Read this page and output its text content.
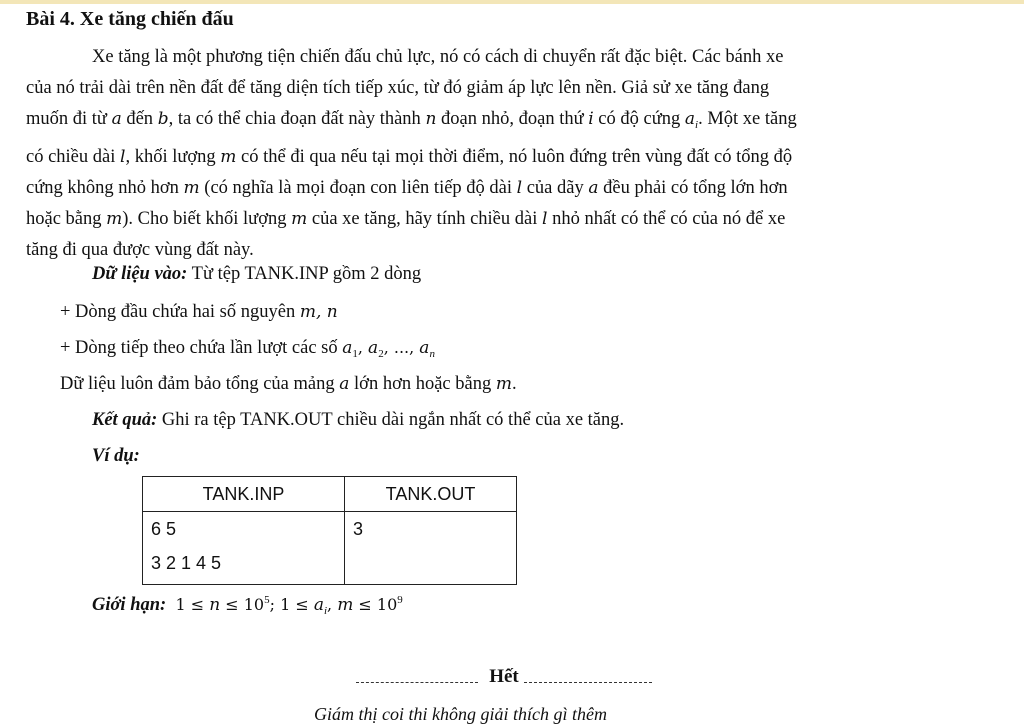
Bài 4. Xe tăng chiến đấu
Xe tăng là một phương tiện chiến đấu chủ lực, nó có cách di chuyển rất đặc biệt. Các bánh xe
của nó trải dài trên nền đất để tăng diện tích tiếp xúc, từ đó giảm áp lực lên nền. Giả sử xe tăng đang
muốn đi từ a đến b, ta có thể chia đoạn đất này thành n đoạn nhỏ, đoạn thứ i có độ cứng $a_i$. Một xe tăng
có chiều dài l, khối lượng m có thể đi qua nếu tại mọi thời điểm, nó luôn đứng trên vùng đất có tổng độ
cứng không nhỏ hơn m (có nghĩa là mọi đoạn con liên tiếp độ dài l của dãy a đều phải có tổng lớn hơn
hoặc bằng m). Cho biết khối lượng m của xe tăng, hãy tính chiều dài l nhỏ nhất có thể có của nó để xe
tăng đi qua được vùng đất này.
Dữ liệu vào: Từ tệp TANK.INP gồm 2 dòng
+ Dòng đầu chứa hai số nguyên m, n
+ Dòng tiếp theo chứa lần lượt các số $a_1$, $a_2$, ..., $a_n$
Dữ liệu luôn đảm bảo tổng của mảng a lớn hơn hoặc bằng m.
Kết quả: Ghi ra tệp TANK.OUT chiều dài ngắn nhất có thể của xe tăng.
Ví dụ:
TANK.INP	TANK.OUT

6 5
3 2 1 4 5	3
Giới hạn: $1 \le n \le 10^5$; $1 \le a_i$, $m \le 10^9$
Hết
Giám thị coi thi không giải thích gì thêm
